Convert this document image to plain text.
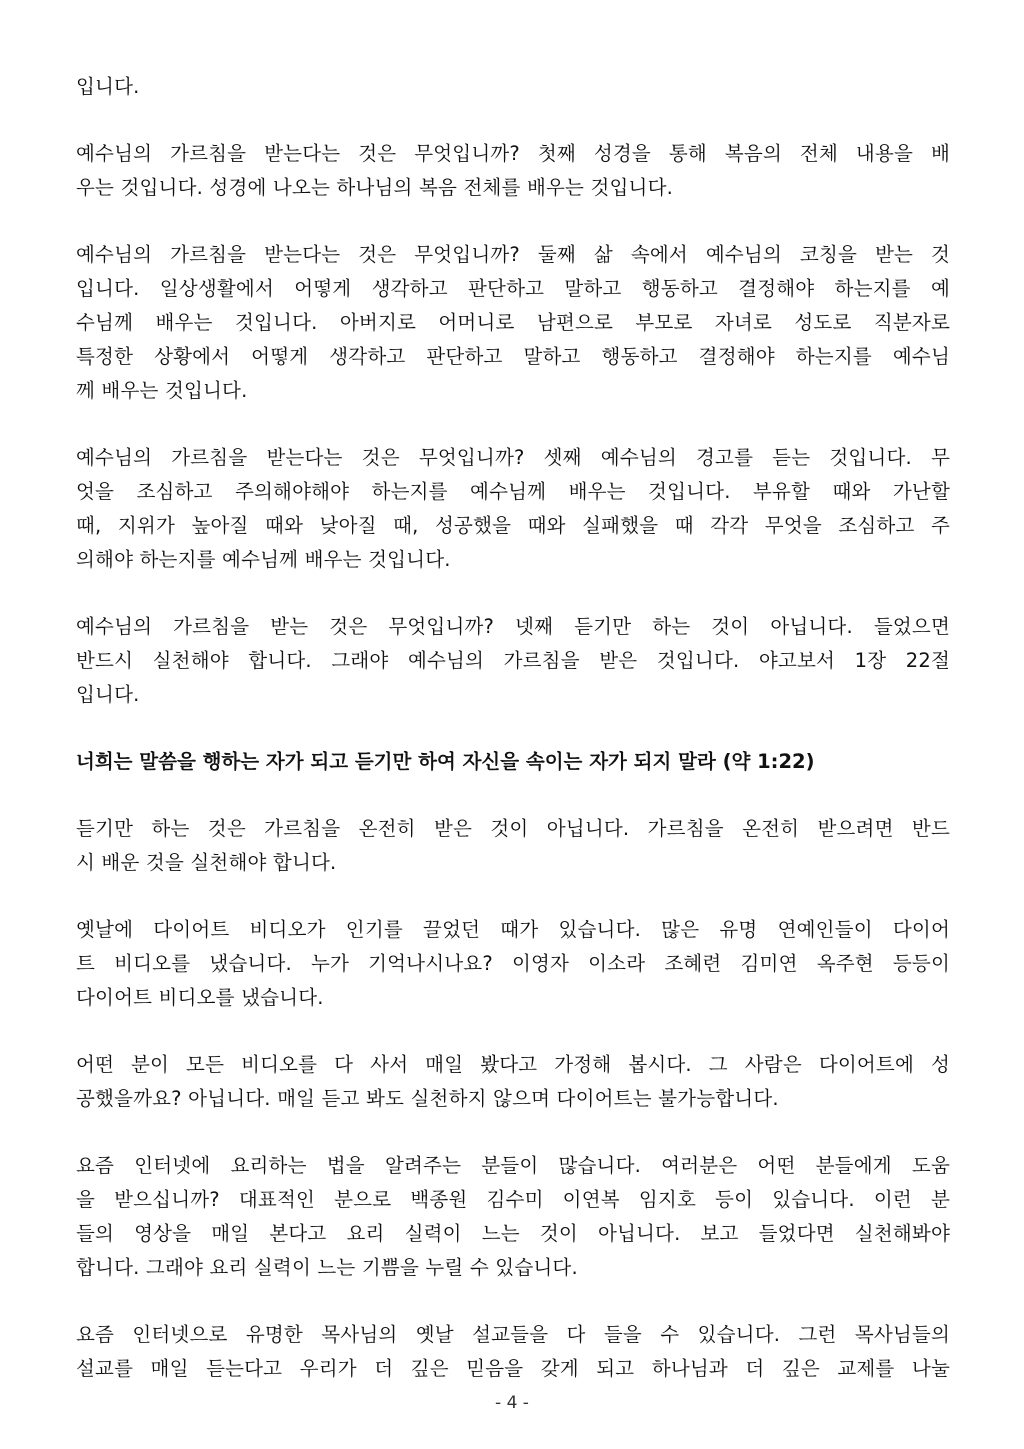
입니다.
예수님의 가르침을 받는다는 것은 무엇입니까? 첫째 성경을 통해 복음의 전체 내용을 배
우는 것입니다. 성경에 나오는 하나님의 복음 전체를 배우는 것입니다.
예수님의 가르침을 받는다는 것은 무엇입니까? 둘째 삶 속에서 예수님의 코칭을 받는 것
입니다. 일상생활에서 어떻게 생각하고 판단하고 말하고 행동하고 결정해야 하는지를 예
수님께 배우는 것입니다. 아버지로 어머니로 남편으로 부모로 자녀로 성도로 직분자로
특정한 상황에서 어떻게 생각하고 판단하고 말하고 행동하고 결정해야 하는지를 예수님
께 배우는 것입니다.
예수님의 가르침을 받는다는 것은 무엇입니까? 셋째 예수님의 경고를 듣는 것입니다. 무
엇을 조심하고 주의해야해야 하는지를 예수님께 배우는 것입니다. 부유할 때와 가난할
때, 지위가 높아질 때와 낮아질 때, 성공했을 때와 실패했을 때 각각 무엇을 조심하고 주
의해야 하는지를 예수님께 배우는 것입니다.
예수님의 가르침을 받는 것은 무엇입니까? 넷째 듣기만 하는 것이 아닙니다. 들었으면
반드시 실천해야 합니다. 그래야 예수님의 가르침을 받은 것입니다. 야고보서 1장 22절
입니다.

너희는 말씀을 행하는 자가 되고 듣기만 하여 자신을 속이는 자가 되지 말라 (약 1:22)

듣기만 하는 것은 가르침을 온전히 받은 것이 아닙니다. 가르침을 온전히 받으려면 반드
시 배운 것을 실천해야 합니다.
옛날에 다이어트 비디오가 인기를 끌었던 때가 있습니다. 많은 유명 연예인들이 다이어
트 비디오를 냈습니다. 누가 기억나시나요? 이영자 이소라 조혜련 김미연 옥주현 등등이
다이어트 비디오를 냈습니다.
어떤 분이 모든 비디오를 다 사서 매일 봤다고 가정해 봅시다. 그 사람은 다이어트에 성
공했을까요? 아닙니다. 매일 듣고 봐도 실천하지 않으며 다이어트는 불가능합니다.
요즘 인터넷에 요리하는 법을 알려주는 분들이 많습니다. 여러분은 어떤 분들에게 도움
을 받으십니까? 대표적인 분으로 백종원 김수미 이연복 임지호 등이 있습니다. 이런 분
들의 영상을 매일 본다고 요리 실력이 느는 것이 아닙니다. 보고 들었다면 실천해봐야
합니다. 그래야 요리 실력이 느는 기쁨을 누릴 수 있습니다.
요즘 인터넷으로 유명한 목사님의 옛날 설교들을 다 들을 수 있습니다. 그런 목사님들의
설교를 매일 듣는다고 우리가 더 깊은 믿음을 갖게 되고 하나님과 더 깊은 교제를 나눌
- 4 -
